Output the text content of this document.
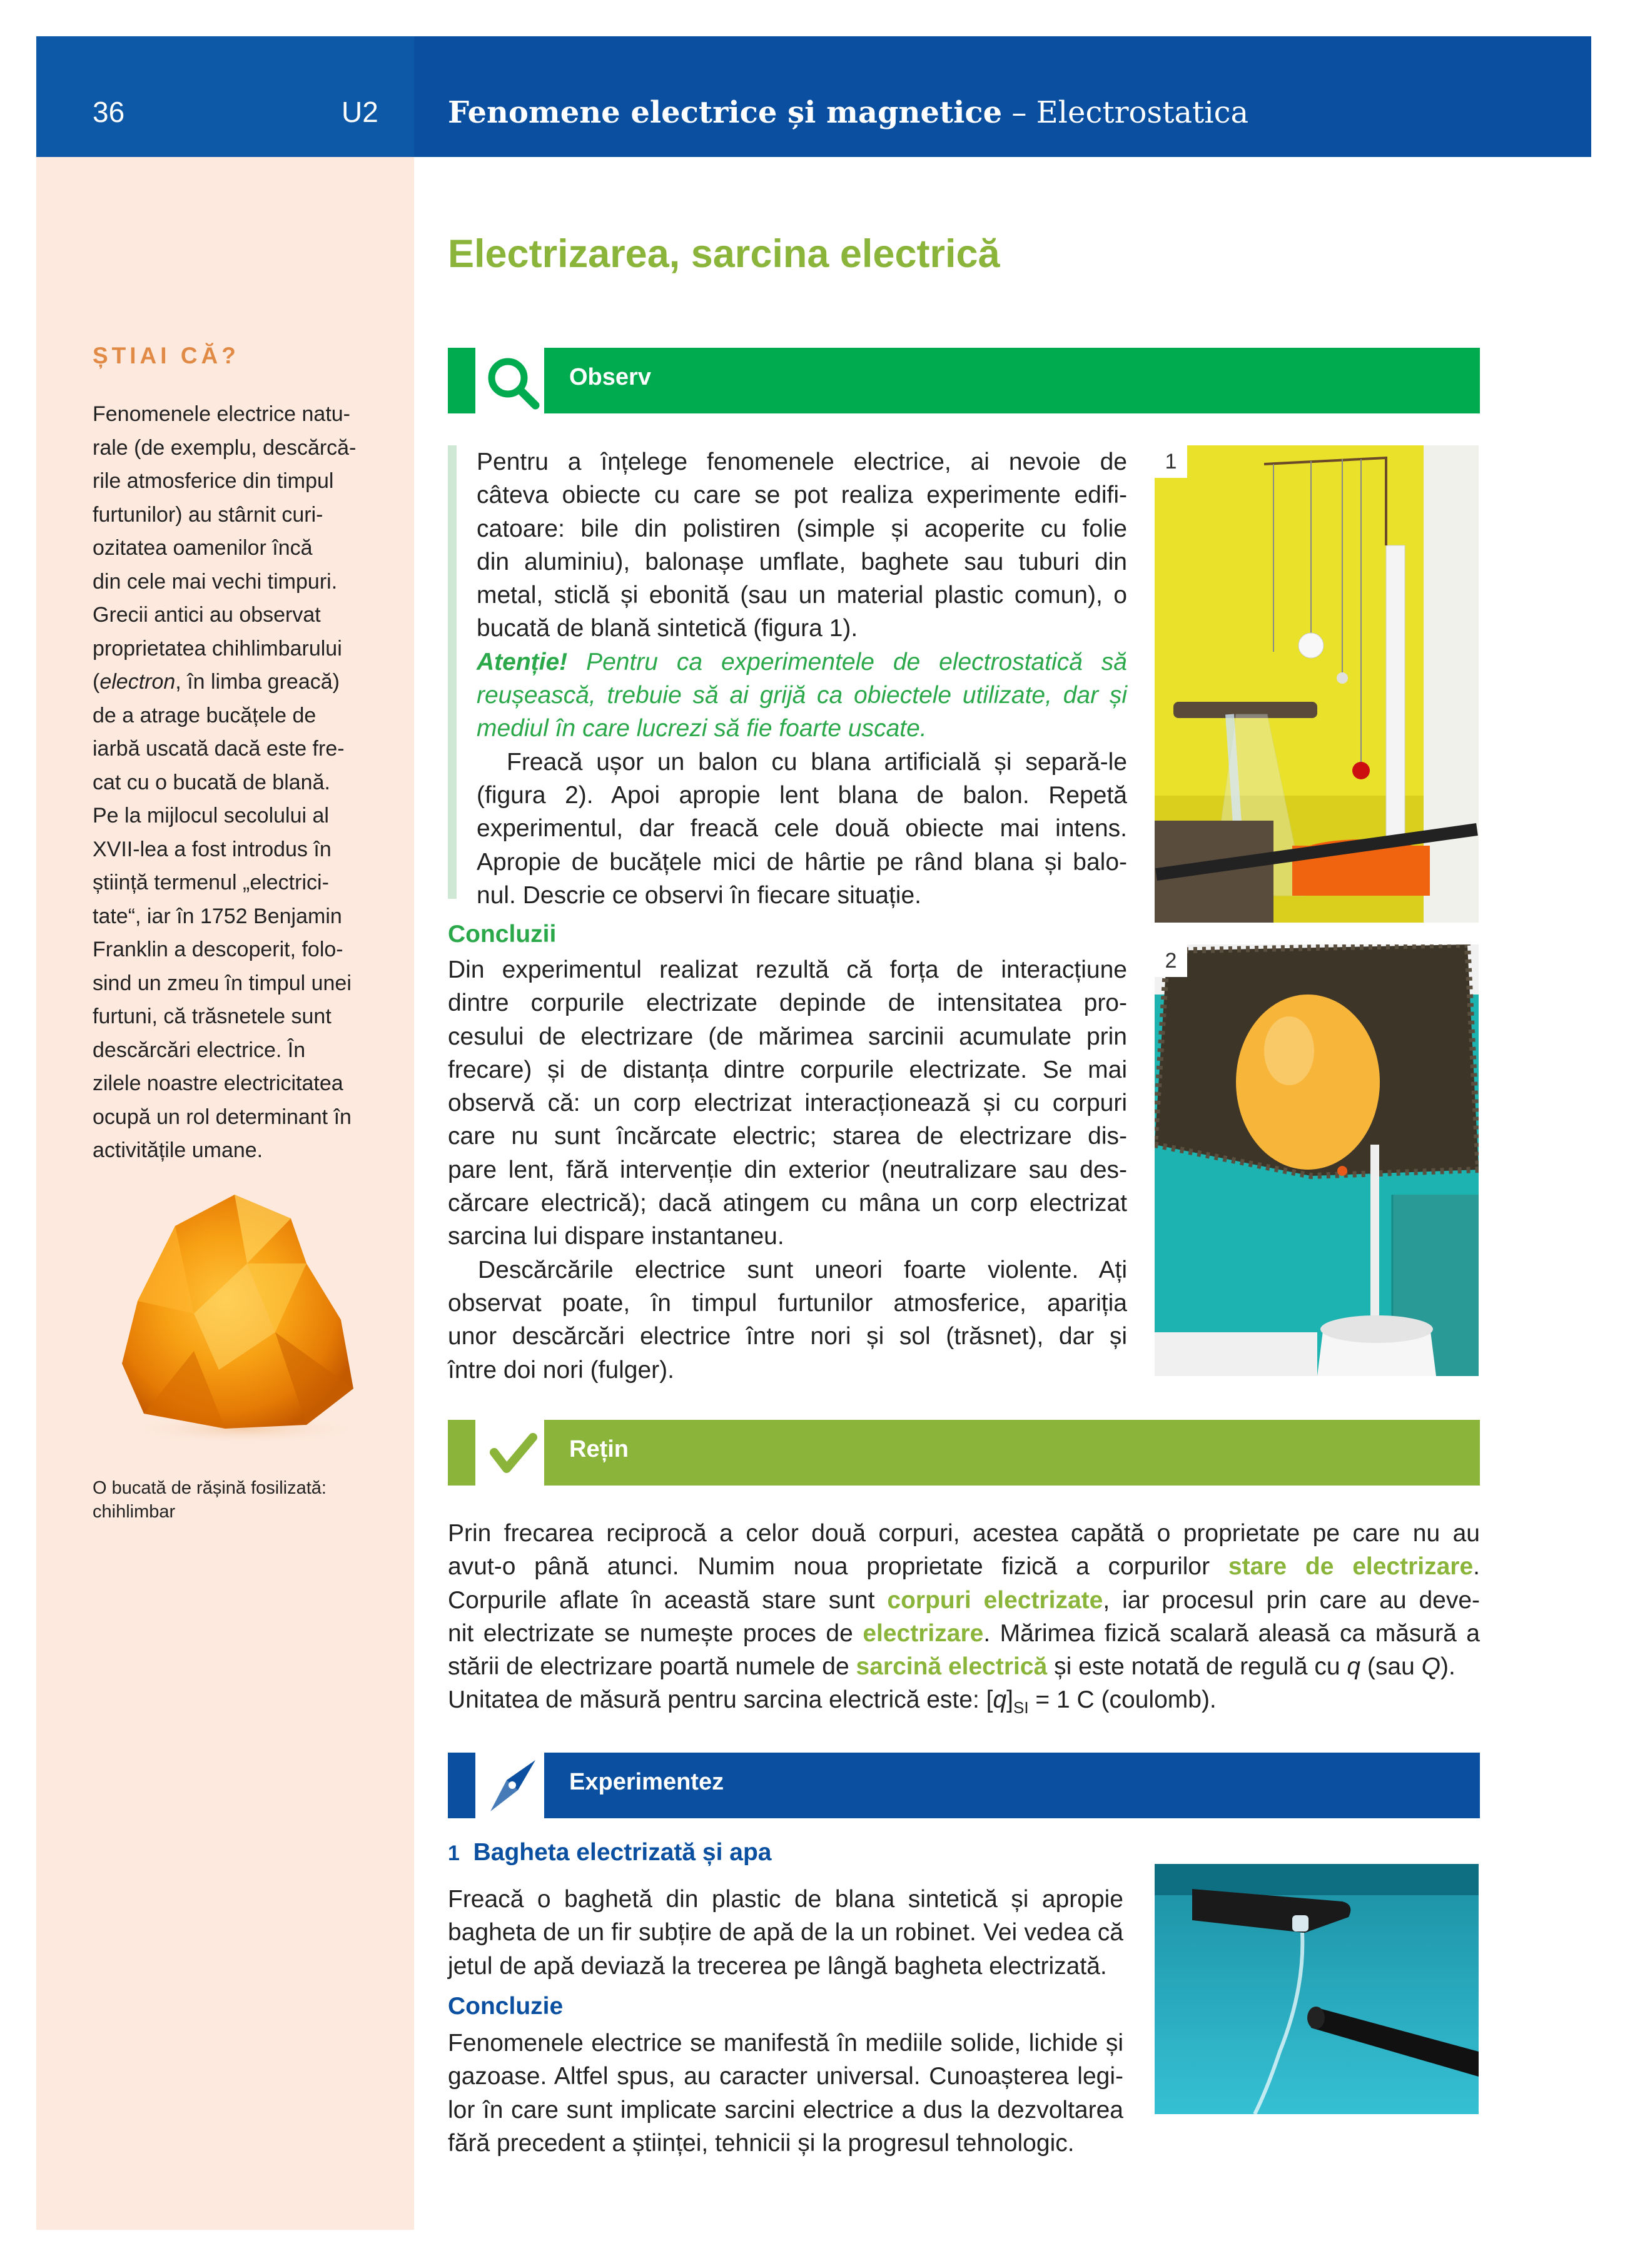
36	U2 Fenomene electrice și magnetice – Electrostatica
ȘTIAI CĂ?
Fenomenele electrice natu-
rale (de exemplu, descărcă-
rile atmosferice din timpul
furtunilor) au stârnit curi-
ozitatea oamenilor încă
din cele mai vechi timpuri.
Grecii antici au observat
proprietatea chihlimbarului
(electron, în limba greacă)
de a atrage bucățele de
iarbă uscată dacă este fre-
cat cu o bucată de blană.
Pe la mijlocul secolului al
XVII-lea a fost introdus în
știință termenul „electrici-
tate“, iar în 1752 Benjamin
Franklin a descoperit, folo-
sind un zmeu în timpul unei
furtuni, că trăsnetele sunt
descărcări electrice. În
zilele noastre electricitatea
ocupă un rol determinant în
activitățile umane.
O bucată de rășină fosilizată:
chihlimbar
Electrizarea, sarcina electrică
Observ
Pentru a înțelege fenomenele electrice, ai nevoie de
câteva obiecte cu care se pot realiza experimente edifi-
catoare: bile din polistiren (simple și acoperite cu folie
din aluminiu), balonașe umflate, baghete sau tuburi din
metal, sticlă și ebonită (sau un material plastic comun), o
bucată de blană sintetică (figura 1).
Atenție! Pentru ca experimentele de electrostatică să
reușească, trebuie să ai grijă ca obiectele utilizate, dar și
mediul în care lucrezi să fie foarte uscate.
Freacă ușor un balon cu blana artificială și separă-le
(figura 2). Apoi apropie lent blana de balon. Repetă
experimentul, dar freacă cele două obiecte mai intens.
Apropie de bucățele mici de hârtie pe rând blana și balo-
nul. Descrie ce observi în fiecare situație.
Concluzii
Din experimentul realizat rezultă că forța de interacțiune
dintre corpurile electrizate depinde de intensitatea pro-
cesului de electrizare (de mărimea sarcinii acumulate prin
frecare) și de distanța dintre corpurile electrizate. Se mai
observă că: un corp electrizat interacționează și cu corpuri
care nu sunt încărcate electric; starea de electrizare dis-
pare lent, fără intervenție din exterior (neutralizare sau des-
cărcare electrică); dacă atingem cu mâna un corp electrizat
sarcina lui dispare instantaneu.
Descărcările electrice sunt uneori foarte violente. Ați
observat poate, în timpul furtunilor atmosferice, apariția
unor descărcări electrice între nori și sol (trăsnet), dar și
între doi nori (fulger).
1
2
Rețin
Prin frecarea reciprocă a celor două corpuri, acestea capătă o proprietate pe care nu au
avut-o până atunci. Numim noua proprietate fizică a corpurilor stare de electrizare.
Corpurile aflate în această stare sunt corpuri electrizate, iar procesul prin care au deve-
nit electrizate se numește proces de electrizare. Mărimea fizică scalară aleasă ca măsură a
stării de electrizare poartă numele de sarcină electrică și este notată de regulă cu q (sau Q).
Unitatea de măsură pentru sarcina electrică este: $[q]_{SI} = 1$ C (coulomb).
Experimentez
1 Bagheta electrizată și apa
Freacă o baghetă din plastic de blana sintetică și apropie
bagheta de un fir subțire de apă de la un robinet. Vei vedea că
jetul de apă deviază la trecerea pe lângă bagheta electrizată.
Concluzie
Fenomenele electrice se manifestă în mediile solide, lichide și
gazoase. Altfel spus, au caracter universal. Cunoașterea legi-
lor în care sunt implicate sarcini electrice a dus la dezvoltarea
fără precedent a științei, tehnicii și la progresul tehnologic.
